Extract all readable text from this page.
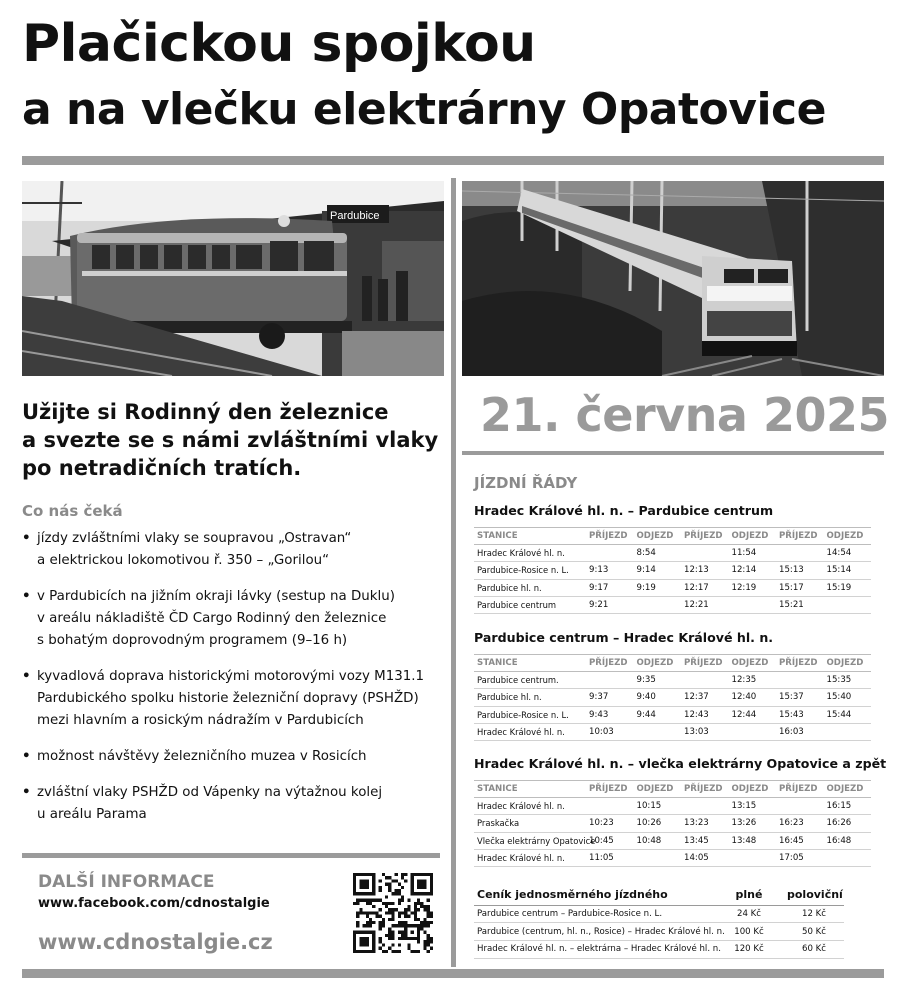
Plačickou spojkou
a na vlečku elektrárny Opatovice
Pardubice
Užijte si Rodinný den železnice
a svezte se s námi zvláštními vlaky
po netradičních tratích.
Co nás čeká
• jízdy zvláštními vlaky se soupravou „Ostravan“
a elektrickou lokomotivou ř. 350 – „Gorilou“
• v Pardubicích na jižním okraji lávky (sestup na Duklu)
v areálu nákladiště ČD Cargo Rodinný den železnice
s bohatým doprovodným programem (9–16 h)
• kyvadlová doprava historickými motorovými vozy M131.1
Pardubického spolku historie železniční dopravy (PSHŽD)
mezi hlavním a rosickým nádražím v Pardubicích
• možnost návštěvy železničního muzea v Rosicích
• zvláštní vlaky PSHŽD od Vápenky na výtažnou kolej
u areálu Parama
DALŠÍ INFORMACE
www.facebook.com/cdnostalgie
www.cdnostalgie.cz
21. června 2025
JÍZDNÍ ŘÁDY
Hradec Králové hl. n. – Pardubice centrum
STANICE	PŘÍJEZD	ODJEZD	PŘÍJEZD	ODJEZD	PŘÍJEZD	ODJEZD
Hradec Králové hl. n.		8:54		11:54		14:54
Pardubice-Rosice n. L.	9:13	9:14	12:13	12:14	15:13	15:14
Pardubice hl. n.	9:17	9:19	12:17	12:19	15:17	15:19
Pardubice centrum	9:21		12:21		15:21	
Pardubice centrum – Hradec Králové hl. n.
STANICE	PŘÍJEZD	ODJEZD	PŘÍJEZD	ODJEZD	PŘÍJEZD	ODJEZD
Pardubice centrum.		9:35		12:35		15:35
Pardubice hl. n.	9:37	9:40	12:37	12:40	15:37	15:40
Pardubice-Rosice n. L.	9:43	9:44	12:43	12:44	15:43	15:44
Hradec Králové hl. n.	10:03		13:03		16:03	
Hradec Králové hl. n. – vlečka elektrárny Opatovice a zpět
STANICE	PŘÍJEZD	ODJEZD	PŘÍJEZD	ODJEZD	PŘÍJEZD	ODJEZD
Hradec Králové hl. n.		10:15		13:15		16:15
Praskačka	10:23	10:26	13:23	13:26	16:23	16:26
Vlečka elektrárny Opatovice	10:45	10:48	13:45	13:48	16:45	16:48
Hradec Králové hl. n.	11:05		14:05		17:05	
Ceník jednosměrného jízdného	plné	poloviční
Pardubice centrum – Pardubice-Rosice n. L.	24 Kč	12 Kč
Pardubice (centrum, hl. n., Rosice) – Hradec Králové hl. n.	100 Kč	50 Kč
Hradec Králové hl. n. – elektrárna – Hradec Králové hl. n.	120 Kč	60 Kč
